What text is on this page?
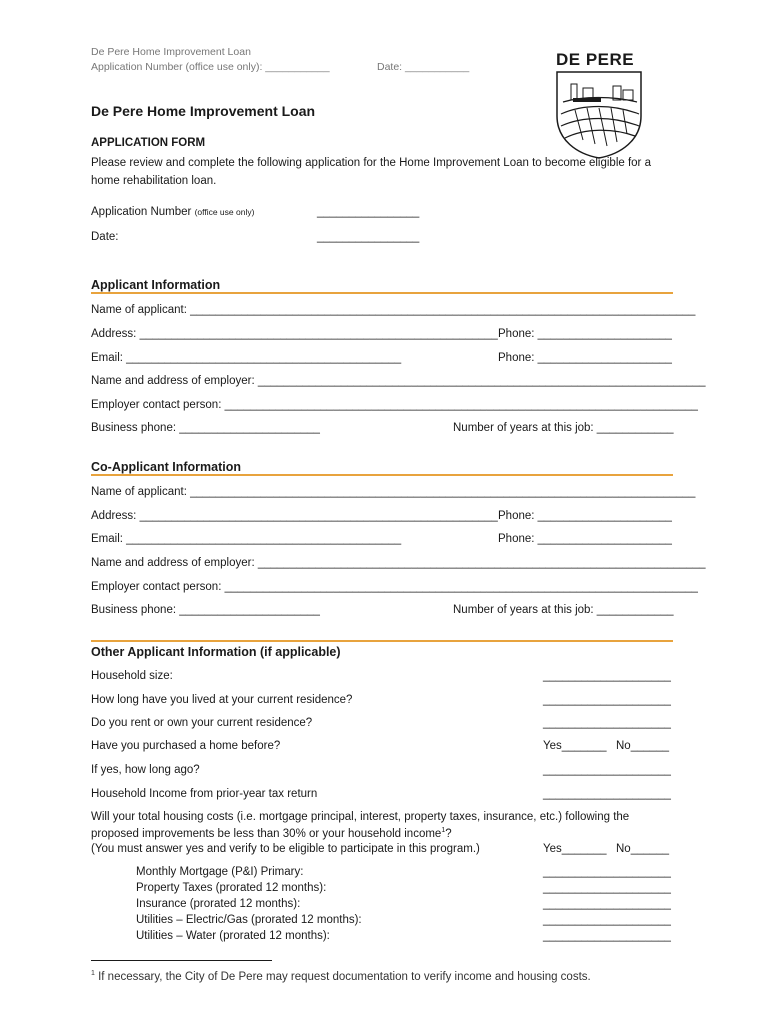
De Pere Home Improvement Loan
Application Number (office use only): ___________	Date: ___________	DE PERE
De Pere Home Improvement Loan
APPLICATION FORM
Please review and complete the following application for the Home Improvement Loan to become eligible for a
home rehabilitation loan.
Application Number (office use only)	________________
Date:	________________
Applicant Information
Name of applicant: _______________________________________________________________________________
Address: ________________________________________________________ Phone: _____________________
Email: ___________________________________________	Phone: _____________________
Name and address of employer: ______________________________________________________________________
Employer contact person: __________________________________________________________________________
Business phone: ______________________	Number of years at this job: ____________
Co-Applicant Information
Name of applicant: _______________________________________________________________________________
Address: ________________________________________________________ Phone: _____________________
Email: ___________________________________________	Phone: _____________________
Name and address of employer: ______________________________________________________________________
Employer contact person: __________________________________________________________________________
Business phone: ______________________	Number of years at this job: ____________
Other Applicant Information (if applicable)
Household size:	____________________
How long have you lived at your current residence?	____________________
Do you rent or own your current residence?	____________________
Have you purchased a home before?	Yes_______ No______
If yes, how long ago?	____________________
Household Income from prior-year tax return	____________________
Will your total housing costs (i.e. mortgage principal, interest, property taxes, insurance, etc.) following the
proposed improvements be less than 30% or your household income$^1$?
(You must answer yes and verify to be eligible to participate in this program.)	Yes_______ No______
Monthly Mortgage (P&I) Primary:	____________________
Property Taxes (prorated 12 months):	____________________
Insurance (prorated 12 months):	____________________
Utilities – Electric/Gas (prorated 12 months):	____________________
Utilities – Water (prorated 12 months):	____________________
$^1$ If necessary, the City of De Pere may request documentation to verify income and housing costs.
